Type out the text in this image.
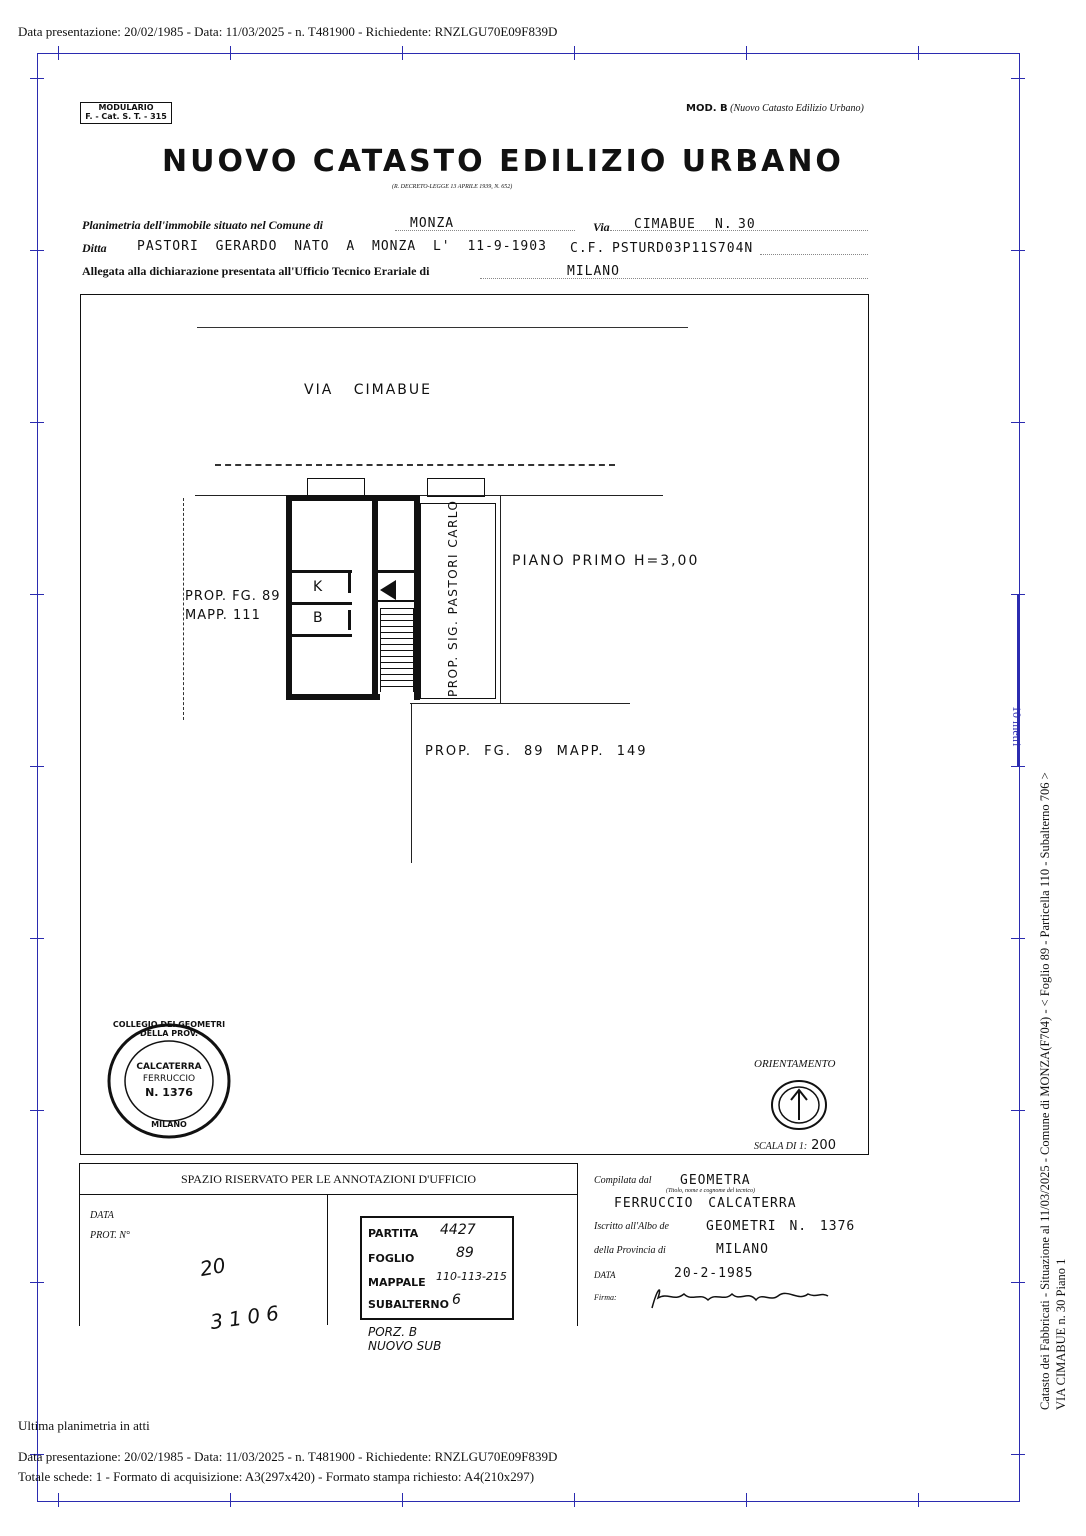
Data presentazione: 20/02/1985 - Data: 11/03/2025 - n. T481900 - Richiedente: RNZLGU70E09F839D
MODULARIO
F. - Cat. S. T. - 315
MOD. B (Nuovo Catasto Edilizio Urbano)
NUOVO CATASTO EDILIZIO URBANO
(R. DECRETO-LEGGE 13 APRILE 1939, N. 652)
Planimetria dell'immobile situato nel Comune di	MONZA	Via CIMABUE N. 30
Ditta PASTORI GERARDO NATO A MONZA L' 11-9-1903 C.F. PSTURD03P11S704N
Allegata alla dichiarazione presentata all'Ufficio Tecnico Erariale di	MILANO
VIA CIMABUE
K
B
PROP. FG. 89
MAPP. 111	PROP. SIG. PASTORI CARLO	PIANO PRIMO H=3,00
PROP. FG. 89 MAPP. 149
COLLEGIO DEI GEOMETRI DELLA PROV.
CALCATERRA
FERRUCCIO
N. 1376
MILANO
ORIENTAMENTO
SCALA DI 1: 200
SPAZIO RISERVATO PER LE ANNOTAZIONI D'UFFICIO
DATA
PROT. N°
20
3106
PARTITA 4427
FOGLIO	89
MAPPALE 110-113-215
SUBALTERNO 6
PORZ. B
NUOVO SUB
Compilata dal GEOMETRA
(Titolo, nome e cognome del tecnico)
FERRUCCIO CALCATERRA
Iscritto all'Albo de	GEOMETRI N. 1376
della Provincia di	MILANO
DATA	20-2-1985
Firma:	Catasto dei Fabbricati - Situazione al 11/03/2025 - Comune di MONZA(F704) - < Foglio 89 - Particella 110 - Subalterno 706 > VIA CIMABUE n. 30 Piano 1
10 metri
Ultima planimetria in atti
Data presentazione: 20/02/1985 - Data: 11/03/2025 - n. T481900 - Richiedente: RNZLGU70E09F839D
Totale schede: 1 - Formato di acquisizione: A3(297x420) - Formato stampa richiesto: A4(210x297)
